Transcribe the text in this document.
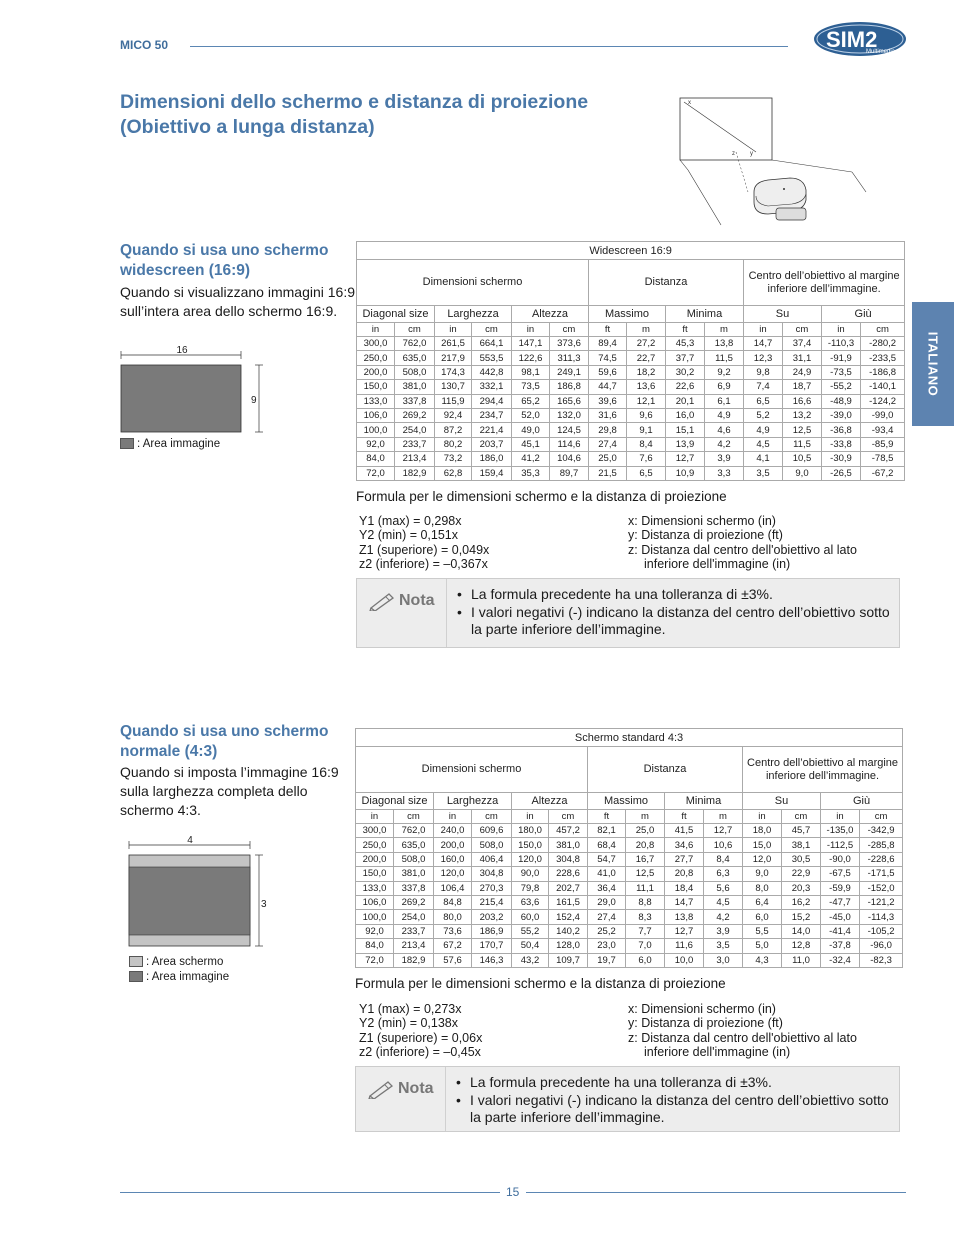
MICO 50	SIM2
Multimedia
Dimensioni dello schermo e distanza di proiezione (Obiettivo a lunga distanza)
x
z	y
ITALIANO
Quando si usa uno schermo widescreen (16:9)
Quando si visualizzano immagini 16:9 sull’intera area dello schermo 16:9.
16
9
: Area immagine
Widescreen 16:9													
Dimensioni schermo						Distanza				Centro dell’obiettivo al margine inferiore dell’immagine.			
Diagonal size		Larghezza		Altezza		Massimo		Minima		Su		Giù	
in	cm	in	cm	in	cm	ft	m	ft	m	in	cm	in	cm
300,0	762,0	261,5	664,1	147,1	373,6	89,4	27,2	45,3	13,8	14,7	37,4	-110,3	-280,2
250,0	635,0	217,9	553,5	122,6	311,3	74,5	22,7	37,7	11,5	12,3	31,1	-91,9	-233,5
200,0	508,0	174,3	442,8	98,1	249,1	59,6	18,2	30,2	9,2	9,8	24,9	-73,5	-186,8
150,0	381,0	130,7	332,1	73,5	186,8	44,7	13,6	22,6	6,9	7,4	18,7	-55,2	-140,1
133,0	337,8	115,9	294,4	65,2	165,6	39,6	12,1	20,1	6,1	6,5	16,6	-48,9	-124,2
106,0	269,2	92,4	234,7	52,0	132,0	31,6	9,6	16,0	4,9	5,2	13,2	-39,0	-99,0
100,0	254,0	87,2	221,4	49,0	124,5	29,8	9,1	15,1	4,6	4,9	12,5	-36,8	-93,4
92,0	233,7	80,2	203,7	45,1	114,6	27,4	8,4	13,9	4,2	4,5	11,5	-33,8	-85,9
84,0	213,4	73,2	186,0	41,2	104,6	25,0	7,6	12,7	3,9	4,1	10,5	-30,9	-78,5
72,0	182,9	62,8	159,4	35,3	89,7	21,5	6,5	10,9	3,3	3,5	9,0	-26,5	-67,2
Formula per le dimensioni schermo e la distanza di proiezione
Y1 (max) = 0,298x
Y2 (min) = 0,151x
Z1 (superiore) = 0,049x
z2 (inferiore) = –0,367x
x: Dimensioni schermo (in)
y: Distanza di proiezione (ft)
z: Distanza dal centro dell'obiettivo al lato
inferiore dell'immagine (in)
Nota	• La formula precedente ha una tolleranza di ±3%.
• I valori negativi (-) indicano la distanza del centro dell’obiettivo sotto la parte inferiore dell’immagine.
Quando si usa uno schermo normale (4:3)
Quando si imposta l’immagine 16:9 sulla larghezza completa dello schermo 4:3.
4
3
: Area schermo
: Area immagine
Schermo standard 4:3													
Dimensioni schermo						Distanza				Centro dell’obiettivo al margine inferiore dell’immagine.			
Diagonal size		Larghezza		Altezza		Massimo		Minima		Su		Giù	
in	cm	in	cm	in	cm	ft	m	ft	m	in	cm	in	cm
300,0	762,0	240,0	609,6	180,0	457,2	82,1	25,0	41,5	12,7	18,0	45,7	-135,0	-342,9
250,0	635,0	200,0	508,0	150,0	381,0	68,4	20,8	34,6	10,6	15,0	38,1	-112,5	-285,8
200,0	508,0	160,0	406,4	120,0	304,8	54,7	16,7	27,7	8,4	12,0	30,5	-90,0	-228,6
150,0	381,0	120,0	304,8	90,0	228,6	41,0	12,5	20,8	6,3	9,0	22,9	-67,5	-171,5
133,0	337,8	106,4	270,3	79,8	202,7	36,4	11,1	18,4	5,6	8,0	20,3	-59,9	-152,0
106,0	269,2	84,8	215,4	63,6	161,5	29,0	8,8	14,7	4,5	6,4	16,2	-47,7	-121,2
100,0	254,0	80,0	203,2	60,0	152,4	27,4	8,3	13,8	4,2	6,0	15,2	-45,0	-114,3
92,0	233,7	73,6	186,9	55,2	140,2	25,2	7,7	12,7	3,9	5,5	14,0	-41,4	-105,2
84,0	213,4	67,2	170,7	50,4	128,0	23,0	7,0	11,6	3,5	5,0	12,8	-37,8	-96,0
72,0	182,9	57,6	146,3	43,2	109,7	19,7	6,0	10,0	3,0	4,3	11,0	-32,4	-82,3
Formula per le dimensioni schermo e la distanza di proiezione
Y1 (max) = 0,273x
Y2 (min) = 0,138x
Z1 (superiore) = 0,06x
z2 (inferiore) = –0,45x
x: Dimensioni schermo (in)
y: Distanza di proiezione (ft)
z: Distanza dal centro dell'obiettivo al lato
inferiore dell'immagine (in)
Nota	• La formula precedente ha una tolleranza di ±3%.
• I valori negativi (-) indicano la distanza del centro dell’obiettivo sotto la parte inferiore dell’immagine.
15
